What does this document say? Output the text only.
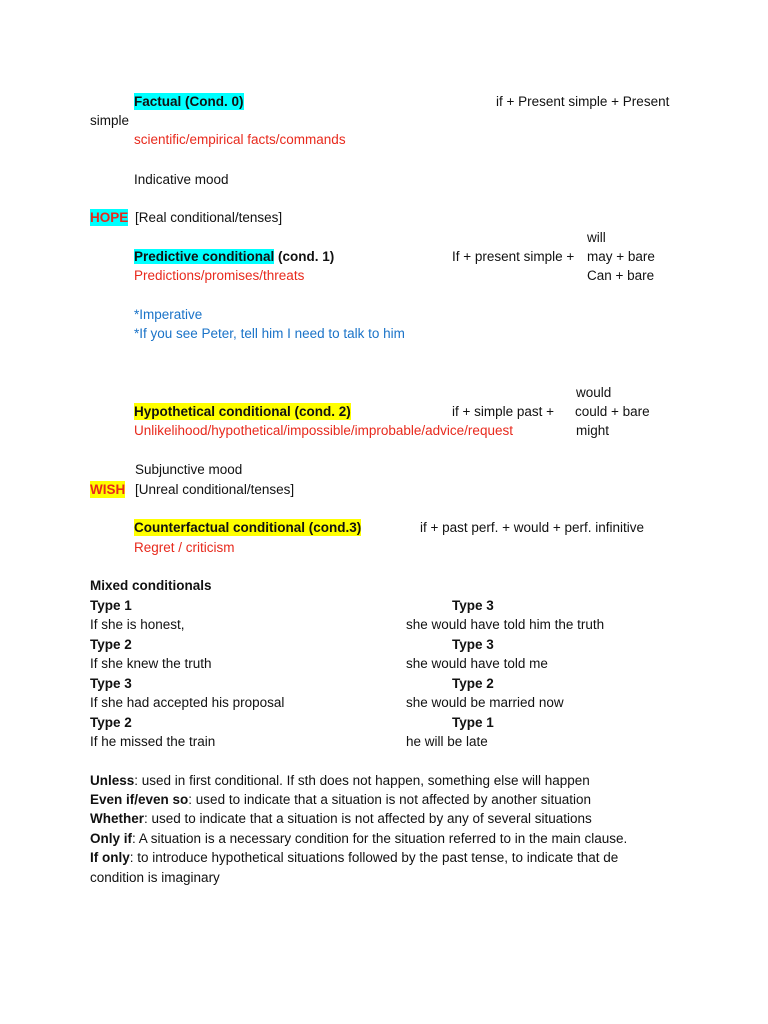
Factual (Cond. 0)	if + Present simple + Present
simple
scientific/empirical facts/commands
Indicative mood
HOPE [Real conditional/tenses]
will
Predictive conditional (cond. 1)	If + present simple + may + bare
Predictions/promises/threats	Can + bare
*Imperative
*If you see Peter, tell him I need to talk to him
would
Hypothetical conditional (cond. 2)	if + simple past + could + bare
Unlikelihood/hypothetical/impossible/improbable/advice/request	might
Subjunctive mood
WISH [Unreal conditional/tenses]
Counterfactual conditional (cond.3)	if + past perf. + would + perf. infinitive
Regret / criticism
Mixed conditionals
Type 1	Type 3
If she is honest,	she would have told him the truth
Type 2	Type 3
If she knew the truth	she would have told me
Type 3	Type 2
If she had accepted his proposal	she would be married now
Type 2	Type 1
If he missed the train	he will be late
Unless: used in first conditional. If sth does not happen, something else will happen
Even if/even so: used to indicate that a situation is not affected by another situation
Whether: used to indicate that a situation is not affected by any of several situations
Only if: A situation is a necessary condition for the situation referred to in the main clause.
If only: to introduce hypothetical situations followed by the past tense, to indicate that de
condition is imaginary
